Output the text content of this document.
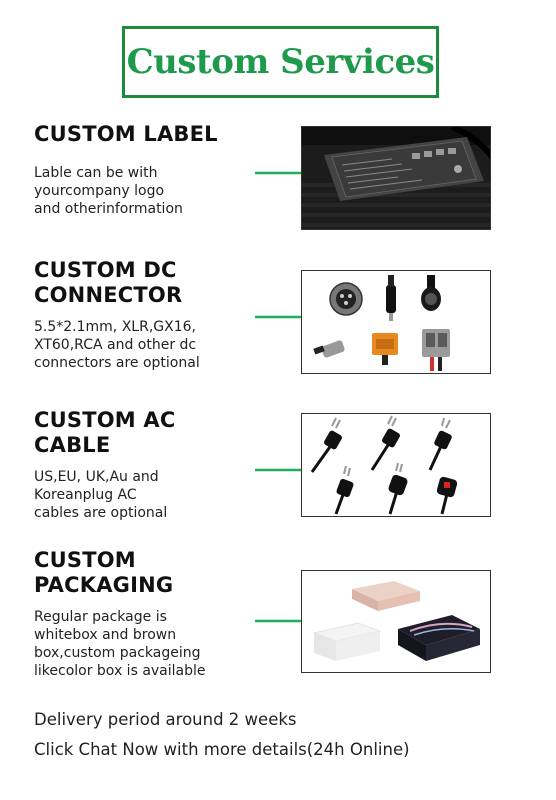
Custom Services
CUSTOM LABEL
Lable can be with
yourcompany logo
and otherinformation
CUSTOM DC
CONNECTOR
5.5*2.1mm, XLR,GX16,
XT60,RCA and other dc
connectors are optional
CUSTOM AC
CABLE
US,EU, UK,Au and
Koreanplug AC
cables are optional
CUSTOM
PACKAGING
Regular package is
whitebox and brown
box,custom packageing
likecolor box is available
Delivery period around 2 weeks
Click Chat Now with more details(24h Online)
